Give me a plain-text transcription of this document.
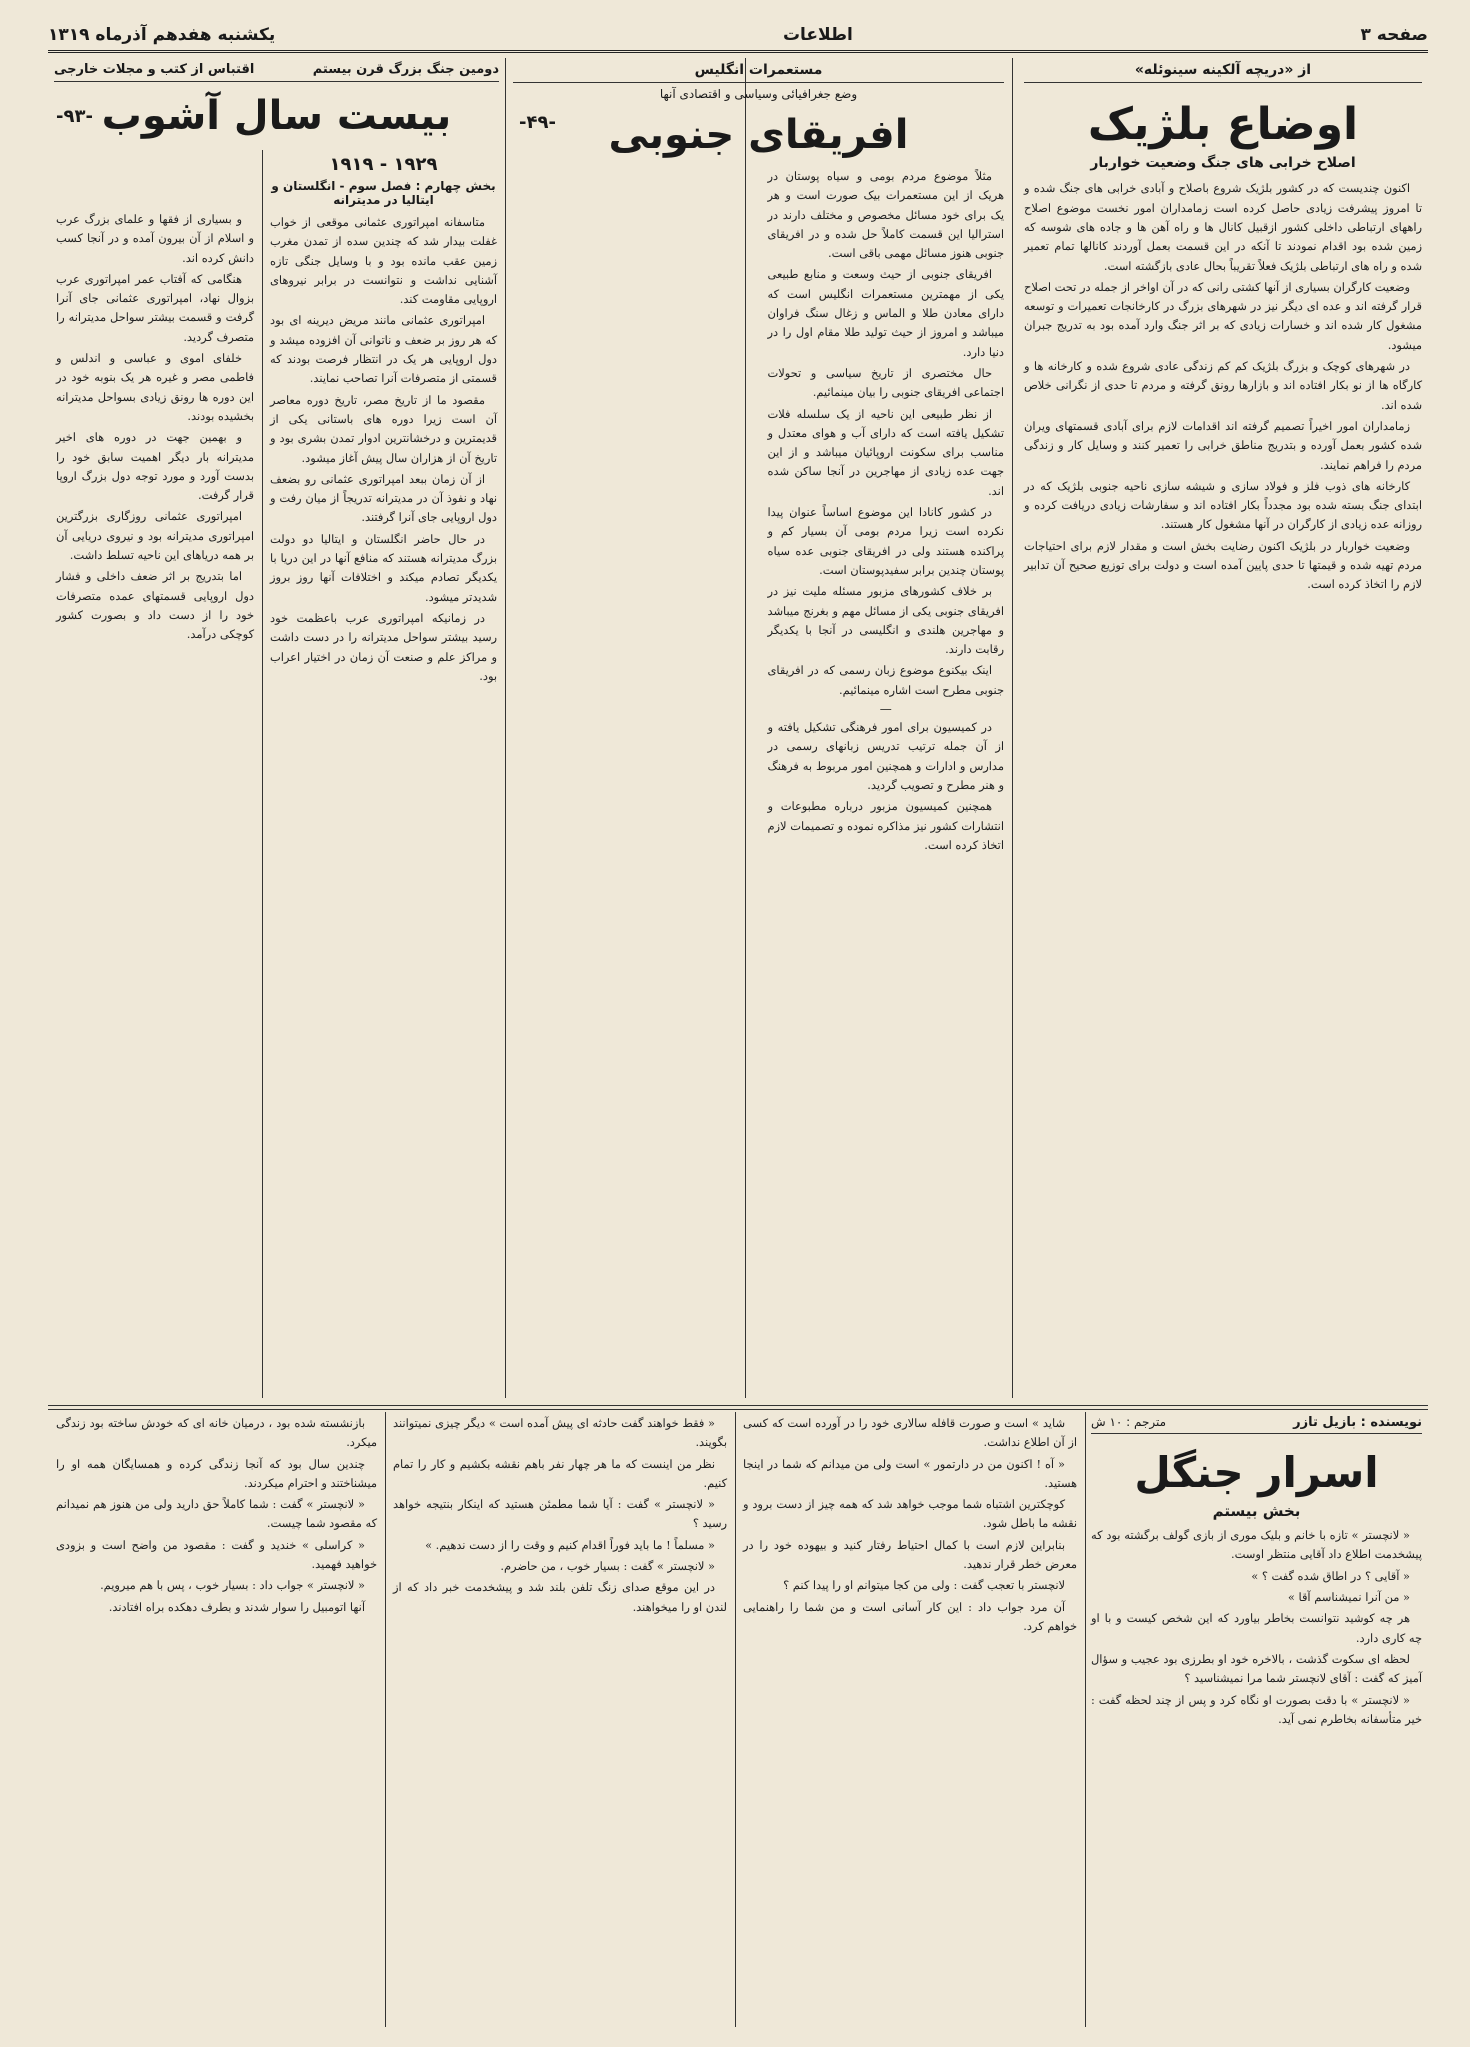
صفحه ۳
اطلاعات
یکشنبه هفدهم آذرماه ۱۳۱۹
از «دریچه آلکینه سینوئله»
اوضاع بلژیک
اصلاح خرابی های جنگ وضعیت خواربار

اکنون چندیست که در کشور بلژیک شروع باصلاح و آبادی خرابی های جنگ شده و تا امروز پیشرفت زیادی حاصل کرده است زمامداران امور نخست موضوع اصلاح راههای ارتباطی داخلی کشور ازقبیل کانال ها و راه آهن ها و جاده های شوسه که زمین شده بود اقدام نمودند تا آنکه در این قسمت بعمل آوردند کانالها تمام تعمیر شده و راه های ارتباطی بلژیک فعلاً تقریباً بحال عادی بازگشته است.

وضعیت کارگران بسیاری از آنها کشتی رانی که در آن اواخر از جمله در تحت اصلاح قرار گرفته اند و عده ای دیگر نیز در شهرهای بزرگ در کارخانجات تعمیرات و توسعه مشغول کار شده اند و خسارات زیادی که بر اثر جنگ وارد آمده بود به تدریج جبران میشود.

در شهرهای کوچک و بزرگ بلژیک کم کم زندگی عادی شروع شده و کارخانه ها و کارگاه ها از نو بکار افتاده اند و بازارها رونق گرفته و مردم تا حدی از نگرانی خلاص شده اند.

زمامداران امور اخیراً تصمیم گرفته اند اقدامات لازم برای آبادی قسمتهای ویران شده کشور بعمل آورده و بتدریج مناطق خرابی را تعمیر کنند و وسایل کار و زندگی مردم را فراهم نمایند.

کارخانه های ذوب فلز و فولاد سازی و شیشه سازی ناحیه جنوبی بلژیک که در ابتدای جنگ بسته شده بود مجدداً بکار افتاده اند و سفارشات زیادی دریافت کرده و روزانه عده زیادی از کارگران در آنها مشغول کار هستند.

وضعیت خواربار در بلژیک اکنون رضایت بخش است و مقدار لازم برای احتیاجات مردم تهیه شده و قیمتها تا حدی پایین آمده است و دولت برای توزیع صحیح آن تدابیر لازم را اتخاذ کرده است.

مستعمرات انگلیس
وضع جغرافیائی وسیاسی و اقتصادی آنها
افریقای جنوبی
-۴۹-

مثلاً موضوع مردم بومی و سیاه پوستان در هریک از این مستعمرات بیک صورت است و هر یک برای خود مسائل مخصوص و مختلف دارند در استرالیا این قسمت کاملاً حل شده و در افریقای جنوبی هنوز مسائل مهمی باقی است.

افریقای جنوبی از حیث وسعت و منابع طبیعی یکی از مهمترین مستعمرات انگلیس است که دارای معادن طلا و الماس و زغال سنگ فراوان میباشد و امروز از حیث تولید طلا مقام اول را در دنیا دارد.

حال مختصری از تاریخ سیاسی و تحولات اجتماعی افریقای جنوبی را بیان مینمائیم.

از نظر طبیعی این ناحیه از یک سلسله فلات تشکیل یافته است که دارای آب و هوای معتدل و مناسب برای سکونت اروپائیان میباشد و از این جهت عده زیادی از مهاجرین در آنجا ساکن شده اند.

در کشور کانادا این موضوع اساساً عنوان پیدا نکرده است زیرا مردم بومی آن بسیار کم و پراکنده هستند ولی در افریقای جنوبی عده سیاه پوستان چندین برابر سفیدپوستان است.

بر خلاف کشورهای مزبور مسئله ملیت نیز در افریقای جنوبی یکی از مسائل مهم و بغرنج میباشد و مهاجرین هلندی و انگلیسی در آنجا با یکدیگر رقابت دارند.

اینک بیکنوع موضوع زبان رسمی که در افریقای جنوبی مطرح است اشاره مینمائیم.

—

در کمیسیون برای امور فرهنگی تشکیل یافته و از آن جمله ترتیب تدریس زبانهای رسمی در مدارس و ادارات و همچنین امور مربوط به فرهنگ و هنر مطرح و تصویب گردید.

همچنین کمیسیون مزبور درباره مطبوعات و انتشارات کشور نیز مذاکره نموده و تصمیمات لازم اتخاذ کرده است.

دومین جنگ بزرگ قرن بیستم
اقتباس از کتب و مجلات خارجی
بیست سال آشوب
-۹۳-
۱۹۲۹ - ۱۹۱۹
بخش چهارم : فصل سوم - انگلستان و ایتالیا در مدیترانه

متاسفانه امپراتوری عثمانی موقعی از خواب غفلت بیدار شد که چندین سده از تمدن مغرب زمین عقب مانده بود و با وسایل جنگی تازه آشنایی نداشت و نتوانست در برابر نیروهای اروپایی مقاومت کند.

امپراتوری عثمانی مانند مریض دیرینه ای بود که هر روز بر ضعف و ناتوانی آن افزوده میشد و دول اروپایی هر یک در انتظار فرصت بودند که قسمتی از متصرفات آنرا تصاحب نمایند.

مقصود ما از تاریخ مصر، تاریخ دوره معاصر آن است زیرا دوره های باستانی یکی از قدیمترین و درخشانترین ادوار تمدن بشری بود و تاریخ آن از هزاران سال پیش آغاز میشود.

از آن زمان ببعد امپراتوری عثمانی رو بضعف نهاد و نفوذ آن در مدیترانه تدریجاً از میان رفت و دول اروپایی جای آنرا گرفتند.

در حال حاضر انگلستان و ایتالیا دو دولت بزرگ مدیترانه هستند که منافع آنها در این دریا با یکدیگر تصادم میکند و اختلافات آنها روز بروز شدیدتر میشود.

در زمانیکه امپراتوری عرب باعظمت خود رسید بیشتر سواحل مدیترانه را در دست داشت و مراکز علم و صنعت آن زمان در اختیار اعراب بود.

و بسیاری از فقها و علمای بزرگ عرب و اسلام از آن بیرون آمده و در آنجا کسب دانش کرده اند.

هنگامی که آفتاب عمر امپراتوری عرب بزوال نهاد، امپراتوری عثمانی جای آنرا گرفت و قسمت بیشتر سواحل مدیترانه را متصرف گردید.

خلفای اموی و عباسی و اندلس و فاطمی مصر و غیره هر یک بنوبه خود در این دوره ها رونق زیادی بسواحل مدیترانه بخشیده بودند.

و بهمین جهت در دوره های اخیر مدیترانه بار دیگر اهمیت سابق خود را بدست آورد و مورد توجه دول بزرگ اروپا قرار گرفت.

امپراتوری عثمانی روزگاری بزرگترین امپراتوری مدیترانه بود و نیروی دریایی آن بر همه دریاهای این ناحیه تسلط داشت.

اما بتدریج بر اثر ضعف داخلی و فشار دول اروپایی قسمتهای عمده متصرفات خود را از دست داد و بصورت کشور کوچکی درآمد.

نویسنده : بازیل تازر
مترجم : ۱۰ ش
اسرار جنگل
بخش بیستم

« لانچستر » تازه با خانم و بلیک موری از بازی گولف برگشته بود که پیشخدمت اطلاع داد آقایی منتظر اوست.

« آقایی ؟ در اطاق شده گفت ؟ »

« من آنرا نمیشناسم آقا »

هر چه کوشید نتوانست بخاطر بیاورد که این شخص کیست و با او چه کاری دارد.

لحظه ای سکوت گذشت ، بالاخره خود او بطرزی بود عجیب و سؤال آمیز که گفت : آقای لانچستر شما مرا نمیشناسید ؟

« لانچستر » با دقت بصورت او نگاه کرد و پس از چند لحظه گفت : خیر متأسفانه بخاطرم نمی آید.

شاید » است و صورت قافله سالاری خود را در آورده است که کسی از آن اطلاع نداشت.

« آه ! اکنون من در دارتمور » است ولی من میدانم که شما در اینجا هستید.

کوچکترین اشتباه شما موجب خواهد شد که همه چیز از دست برود و نقشه ما باطل شود.

بنابراین لازم است با کمال احتیاط رفتار کنید و بیهوده خود را در معرض خطر قرار ندهید.

لانچستر با تعجب گفت : ولی من کجا میتوانم او را پیدا کنم ؟

آن مرد جواب داد : این کار آسانی است و من شما را راهنمایی خواهم کرد.

« فقط خواهند گفت حادثه ای پیش آمده است » دیگر چیزی نمیتوانند بگویند.

نظر من اینست که ما هر چهار نفر باهم نقشه بکشیم و کار را تمام کنیم.

« لانچستر » گفت : آیا شما مطمئن هستید که اینکار بنتیجه خواهد رسید ؟

« مسلماً ! ما باید فوراً اقدام کنیم و وقت را از دست ندهیم. »

« لانچستر » گفت : بسیار خوب ، من حاضرم.

در این موقع صدای زنگ تلفن بلند شد و پیشخدمت خبر داد که از لندن او را میخواهند.

بازنشسته شده بود ، درمیان خانه ای که خودش ساخته بود زندگی میکرد.

چندین سال بود که آنجا زندگی کرده و همسایگان همه او را میشناختند و احترام میکردند.

« لانچستر » گفت : شما کاملاً حق دارید ولی من هنوز هم نمیدانم که مقصود شما چیست.

« کراسلی » خندید و گفت : مقصود من واضح است و بزودی خواهید فهمید.

« لانچستر » جواب داد : بسیار خوب ، پس با هم میرویم.

آنها اتومبیل را سوار شدند و بطرف دهکده براه افتادند.
